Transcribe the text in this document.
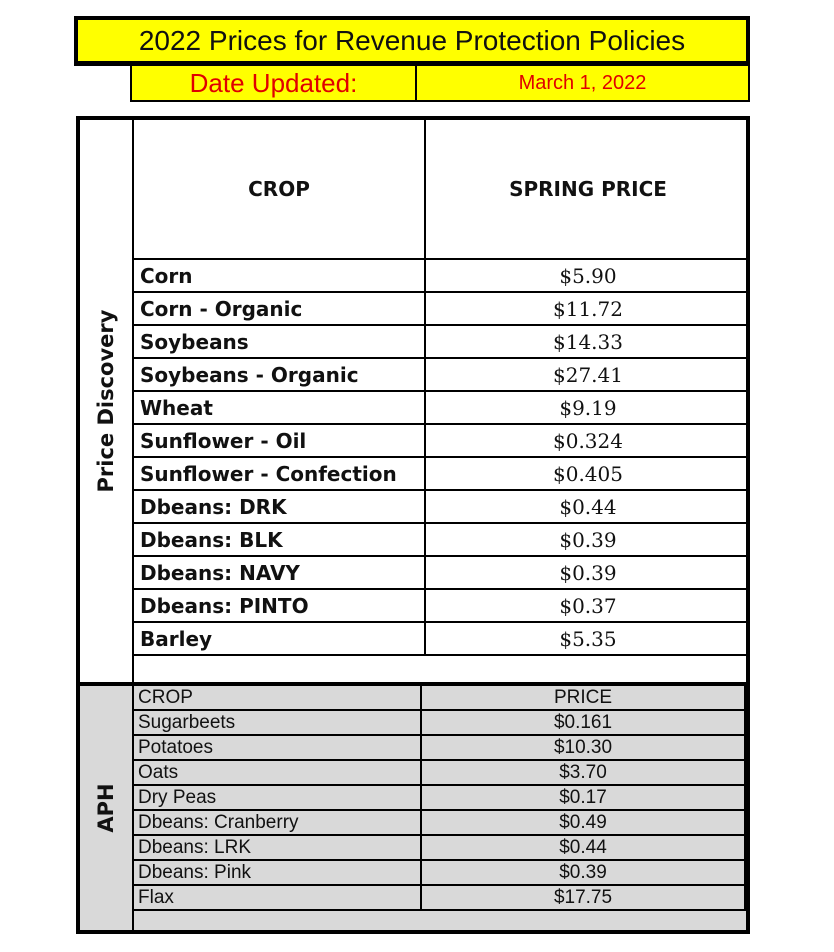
2022 Prices for Revenue Protection Policies
Date Updated:	March 1, 2022
Price Discovery
CROP	SPRING PRICE
Corn	$5.90
Corn - Organic	$11.72
Soybeans	$14.33
Soybeans - Organic	$27.41
Wheat	$9.19
Sunflower - Oil	$0.324
Sunflower - Confection	$0.405
Dbeans: DRK	$0.44
Dbeans: BLK	$0.39
Dbeans: NAVY	$0.39
Dbeans: PINTO	$0.37
Barley	$5.35
APH
CROP	PRICE
Sugarbeets	$0.161
Potatoes	$10.30
Oats	$3.70
Dry Peas	$0.17
Dbeans: Cranberry	$0.49
Dbeans: LRK	$0.44
Dbeans: Pink	$0.39
Flax	$17.75
